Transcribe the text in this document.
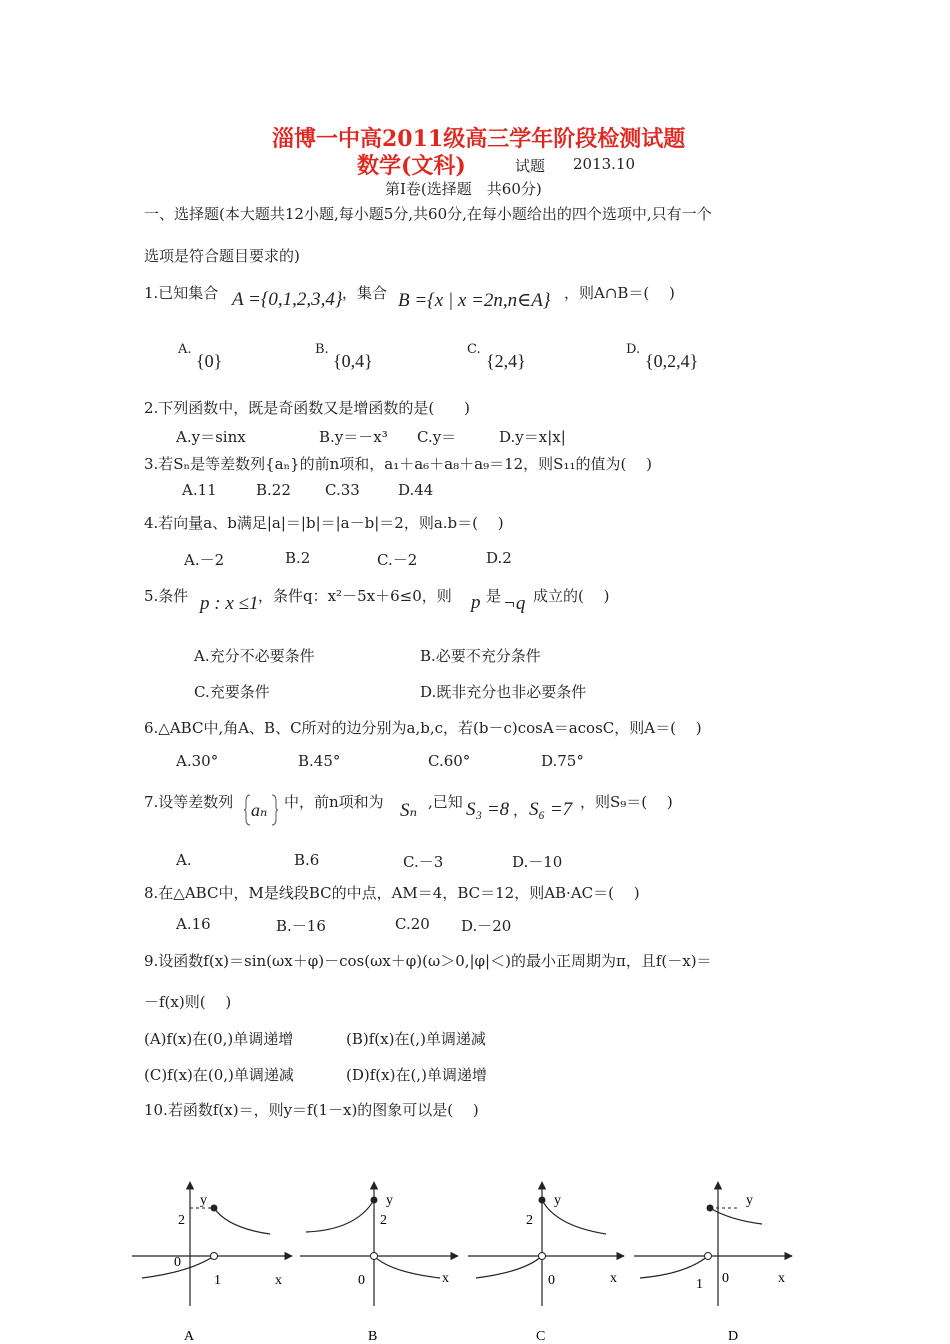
淄博一中高2011级高三学年阶段检测试题
数学(文科)	试题 2013.10
第Ⅰ卷(选择题　共60分)
一、选择题(本大题共12小题,每小题5分,共60分,在每小题给出的四个选项中,只有一个
选项是符合题目要求的)
1.已知集合 A ={0,1,2,3,4} ，集合 B ={x | x =2n,n∈A} ，则A∩B＝(　 )
A.
{0}
B.
{0,4}
C.
{2,4}
D.
{0,2,4}
2.下列函数中，既是奇函数又是增函数的是(　　)
A.y＝sinx	B.y＝－x³ C.y＝	D.y＝x|x|
3.若Sₙ是等差数列{aₙ}的前n项和，a₁＋a₆＋a₈＋a₉＝12，则S₁₁的值为(　 )
A.11	B.22 C.33	D.44
4.若向量a、b满足|a|＝|b|＝|a－b|＝2，则a.b＝(　 )
A.－2	B.2	C.－2	D.2
5.条件 p : x ≤1 ，条件q：x²－5x＋6≤0，则 p 是 ¬q 成立的(　 )
A.充分不必要条件	B.必要不充分条件
C.充要条件	D.既非充分也非必要条件
6.△ABC中,角A、B、C所对的边分别为a,b,c，若(b－c)cosA＝acosC，则A＝(　 )
A.30°	B.45°	C.60°	D.75°
7.设等差数列 aₙ 中，前n项和为 Sₙ ,已知 S₃ =8 ， S₆ =7 ，则S₉＝(　 )
A.	B.6	C.－3	D.－10
8.在△ABC中，M是线段BC的中点，AM＝4，BC＝12，则AB·AC＝(　 )
A.16	B.－16	C.20 D.－20
9.设函数f(x)＝sin(ωx＋φ)－cos(ωx＋φ)(ω＞0,|φ|＜)的最小正周期为π，且f(－x)＝
－f(x)则(　 )
(A)f(x)在(0,)单调递增	(B)f(x)在(,)单调递减
(C)f(x)在(0,)单调递减	(D)f(x)在(,)单调递增
10.若函数f(x)＝，则y＝f(1－x)的图象可以是(　 )
y
x
0
2
1
A
y
x
0
2
B
y
x
0
2
C
y
x
0
1
D
